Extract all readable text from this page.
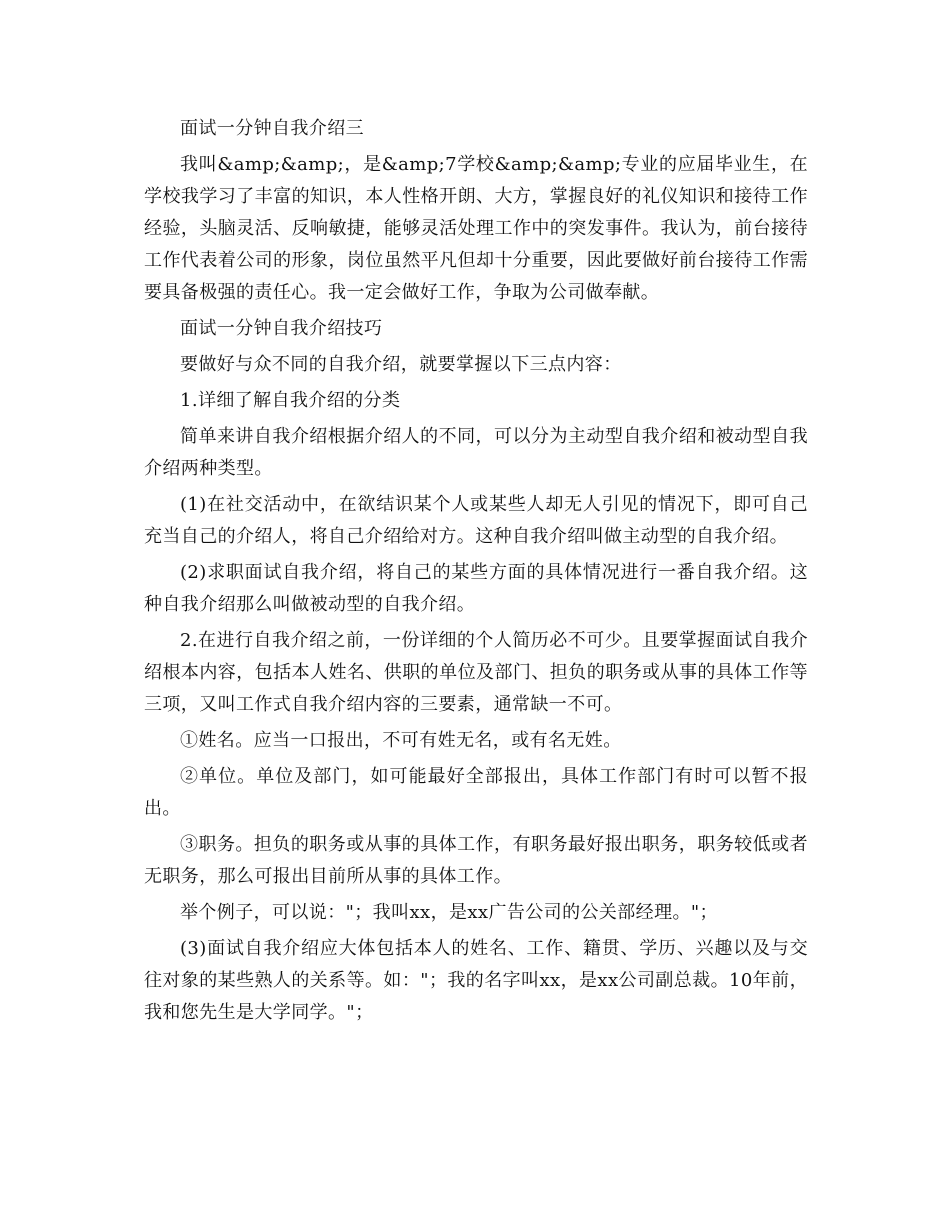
面试一分钟自我介绍三

我叫&amp;&amp;，是&amp;7学校&amp;&amp;专业的应届毕业生，在学校我学习了丰富的知识，本人性格开朗、大方，掌握良好的礼仪知识和接待工作经验，头脑灵活、反响敏捷，能够灵活处理工作中的突发事件。我认为，前台接待工作代表着公司的形象，岗位虽然平凡但却十分重要，因此要做好前台接待工作需要具备极强的责任心。我一定会做好工作，争取为公司做奉献。

面试一分钟自我介绍技巧

要做好与众不同的自我介绍，就要掌握以下三点内容：

1.详细了解自我介绍的分类

简单来讲自我介绍根据介绍人的不同，可以分为主动型自我介绍和被动型自我介绍两种类型。

(1)在社交活动中，在欲结识某个人或某些人却无人引见的情况下，即可自己充当自己的介绍人，将自己介绍给对方。这种自我介绍叫做主动型的自我介绍。

(2)求职面试自我介绍，将自己的某些方面的具体情况进行一番自我介绍。这种自我介绍那么叫做被动型的自我介绍。

2.在进行自我介绍之前，一份详细的个人简历必不可少。且要掌握面试自我介绍根本内容，包括本人姓名、供职的单位及部门、担负的职务或从事的具体工作等三项，又叫工作式自我介绍内容的三要素，通常缺一不可。

①姓名。应当一口报出，不可有姓无名，或有名无姓。

②单位。单位及部门，如可能最好全部报出，具体工作部门有时可以暂不报出。

③职务。担负的职务或从事的具体工作，有职务最好报出职务，职务较低或者无职务，那么可报出目前所从事的具体工作。

举个例子，可以说："；我叫xx，是xx广告公司的公关部经理。"；

(3)面试自我介绍应大体包括本人的姓名、工作、籍贯、学历、兴趣以及与交往对象的某些熟人的关系等。如："；我的名字叫xx，是xx公司副总裁。10年前，我和您先生是大学同学。"；
